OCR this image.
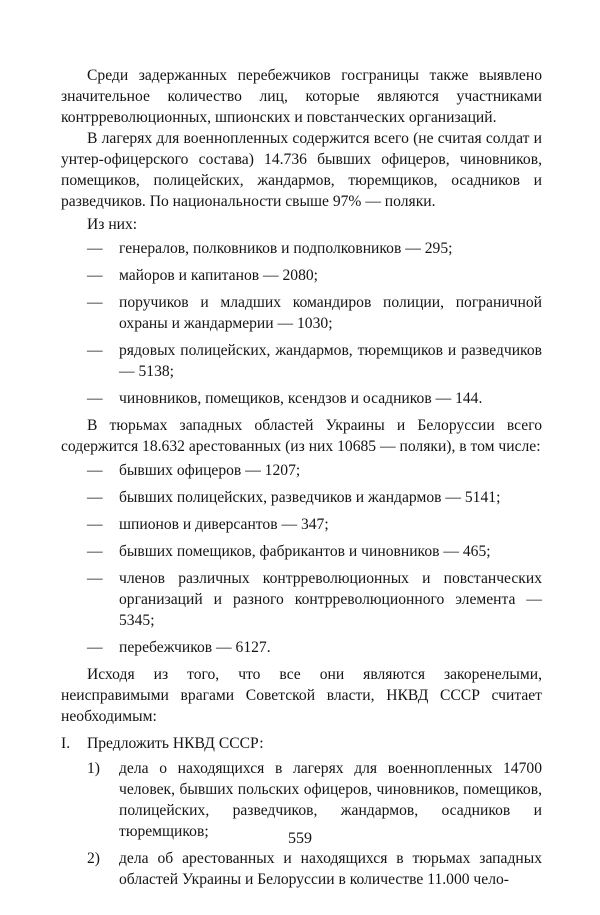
Среди задержанных перебежчиков госграницы также выявлено значительное количество лиц, которые являются участниками контрреволюционных, шпионских и повстанческих организаций.

В лагерях для военнопленных содержится всего (не считая солдат и унтер-офицерского состава) 14.736 бывших офицеров, чиновников, помещиков, полицейских, жандармов, тюремщиков, осадников и разведчиков. По национальности свыше 97% — поляки.

Из них:
— генералов, полковников и подполковников — 295;
— майоров и капитанов — 2080;
— поручиков и младших командиров полиции, пограничной охраны и жандармерии — 1030;
— рядовых полицейских, жандармов, тюремщиков и разведчиков — 5138;
— чиновников, помещиков, ксендзов и осадников — 144.

В тюрьмах западных областей Украины и Белоруссии всего содержится 18.632 арестованных (из них 10685 — поляки), в том числе:

— бывших офицеров — 1207;
— бывших полицейских, разведчиков и жандармов — 5141;
— шпионов и диверсантов — 347;
— бывших помещиков, фабрикантов и чиновников — 465;
— членов различных контрреволюционных и повстанческих организаций и разного контрреволюционного элемента — 5345;
— перебежчиков — 6127.

Исходя из того, что все они являются закоренелыми, неисправимыми врагами Советской власти, НКВД СССР считает необходимым:

I. Предложить НКВД СССР:
1) дела о находящихся в лагерях для военнопленных 14700 человек, бывших польских офицеров, чиновников, помещиков, полицейских, разведчиков, жандармов, осадников и тюремщиков;
2) дела об арестованных и находящихся в тюрьмах западных областей Украины и Белоруссии в количестве 11.000 чело-
559
